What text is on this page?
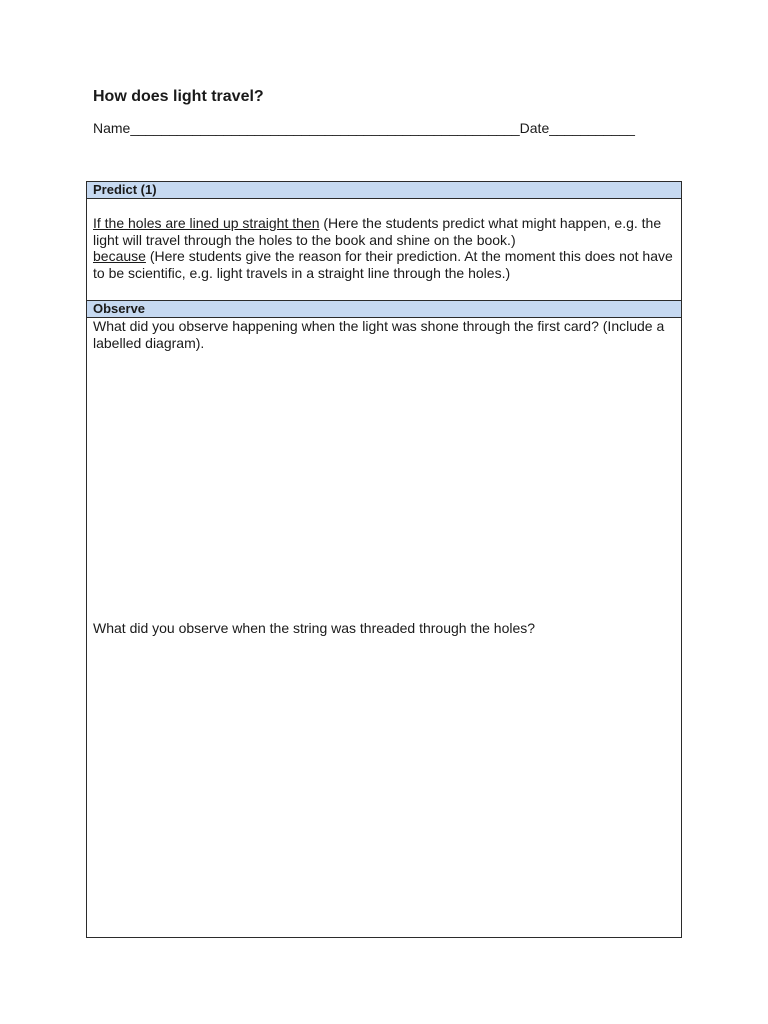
How does light travel?
Name__________________________________________________Date___________
Predict (1)
If the holes are lined up straight then (Here the students predict what might happen, e.g. the light will travel through the holes to the book and shine on the book.)
because (Here students give the reason for their prediction. At the moment this does not have to be scientific, e.g. light travels in a straight line through the holes.)
Observe
What did you observe happening when the light was shone through the first card? (Include a labelled diagram).
What did you observe when the string was threaded through the holes?
